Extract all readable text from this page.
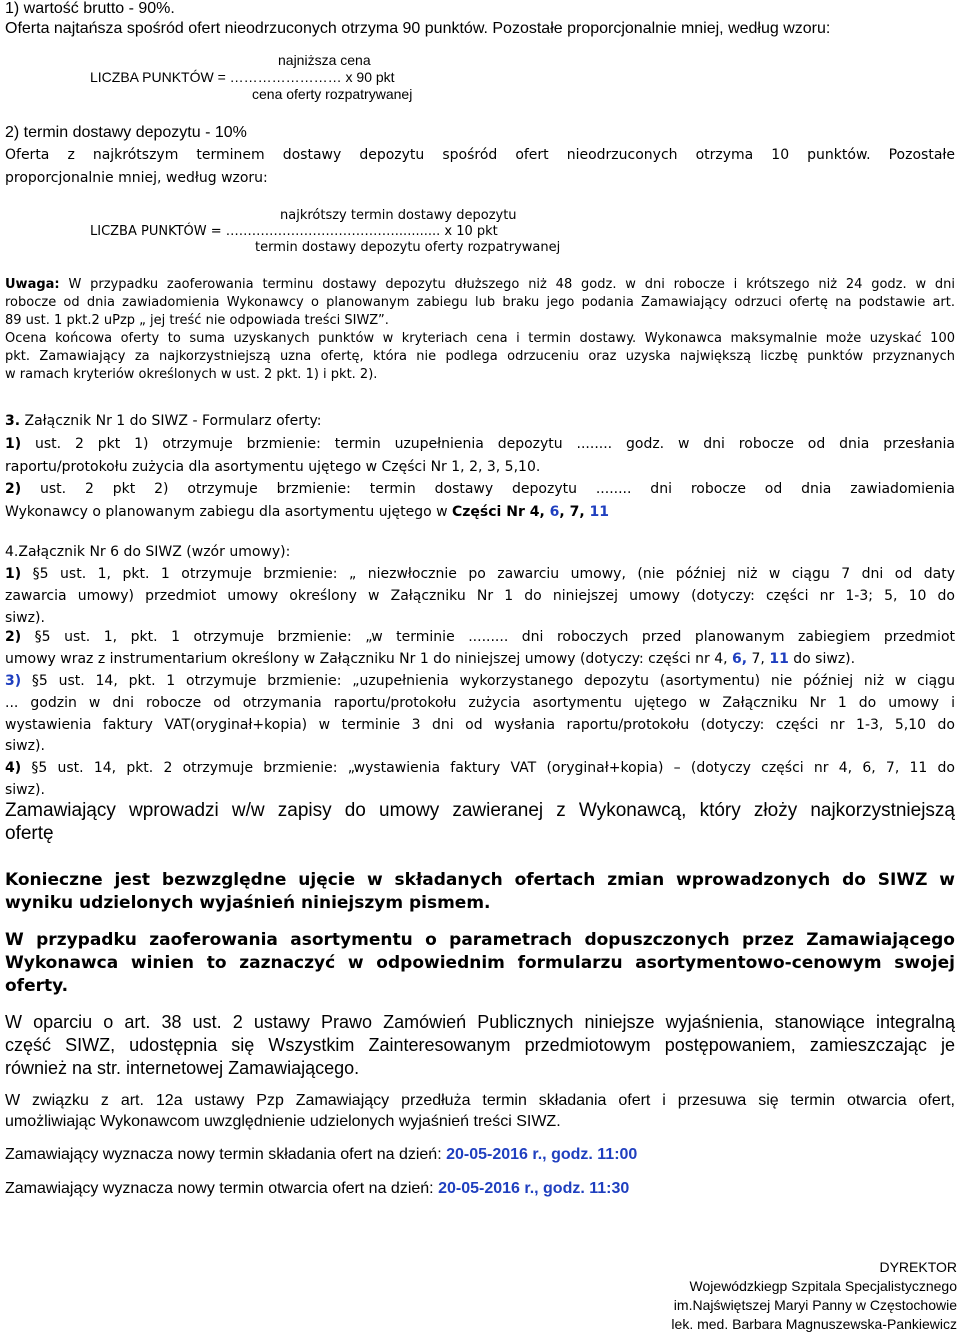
1) wartość brutto - 90%.
Oferta najtańsza spośród ofert nieodrzuconych otrzyma 90 punktów. Pozostałe proporcjonalnie mniej, według wzoru:
najniższa cena
LICZBA PUNKTÓW = …………………… x 90 pkt
cena oferty rozpatrywanej
2) termin dostawy depozytu - 10%
Oferta z najkrótszym terminem dostawy depozytu spośród ofert nieodrzuconych otrzyma 10 punktów. Pozostałe
proporcjonalnie mniej, według wzoru:
najkrótszy termin dostawy depozytu
LICZBA PUNKTÓW = …………………………………........... x 10 pkt
termin dostawy depozytu oferty rozpatrywanej
Uwaga: W przypadku zaoferowania terminu dostawy depozytu dłuższego niż 48 godz. w dni robocze i krótszego niż 24 godz. w dni
robocze od dnia zawiadomienia Wykonawcy o planowanym zabiegu lub braku jego podania Zamawiający odrzuci ofertę na podstawie art.
89 ust. 1 pkt.2 uPzp „ jej treść nie odpowiada treści SIWZ”.
Ocena końcowa oferty to suma uzyskanych punktów w kryteriach cena i termin dostawy. Wykonawca maksymalnie może uzyskać 100
pkt. Zamawiający za najkorzystniejszą uzna ofertę, która nie podlega odrzuceniu oraz uzyska największą liczbę punktów przyznanych
w ramach kryteriów określonych w ust. 2 pkt. 1) i pkt. 2).
3. Załącznik Nr 1 do SIWZ - Formularz oferty:
1) ust. 2 pkt 1) otrzymuje brzmienie: termin uzupełnienia depozytu ........ godz. w dni robocze od dnia przesłania
raportu/protokołu zużycia dla asortymentu ujętego w Części Nr 1, 2, 3, 5,10.
2) ust. 2 pkt 2) otrzymuje brzmienie: termin dostawy depozytu ........ dni robocze od dnia zawiadomienia
Wykonawcy o planowanym zabiegu dla asortymentu ujętego w Części Nr 4, 6, 7, 11
4.Załącznik Nr 6 do SIWZ (wzór umowy):
1) §5 ust. 1, pkt. 1 otrzymuje brzmienie: „ niezwłocznie po zawarciu umowy, (nie później niż w ciągu 7 dni od daty
zawarcia umowy) przedmiot umowy określony w Załączniku Nr 1 do niniejszej umowy (dotyczy: części nr 1-3; 5, 10 do
siwz).
2) §5 ust. 1, pkt. 1 otrzymuje brzmienie: „w terminie ......... dni roboczych przed planowanym zabiegiem przedmiot
umowy wraz z instrumentarium określony w Załączniku Nr 1 do niniejszej umowy (dotyczy: części nr 4, 6, 7, 11 do siwz).
3) §5 ust. 14, pkt. 1 otrzymuje brzmienie: „uzupełnienia wykorzystanego depozytu (asortymentu) nie później niż w ciągu
... godzin w dni robocze od otrzymania raportu/protokołu zużycia asortymentu ujętego w Załączniku Nr 1 do umowy i
wystawienia faktury VAT(oryginał+kopia) w terminie 3 dni od wysłania raportu/protokołu (dotyczy: części nr 1-3, 5,10 do
siwz).
4) §5 ust. 14, pkt. 2 otrzymuje brzmienie: „wystawienia faktury VAT (oryginał+kopia) – (dotyczy części nr 4, 6, 7, 11 do
siwz).
Zamawiający wprowadzi w/w zapisy do umowy zawieranej z Wykonawcą, który złoży najkorzystniejszą
ofertę
Konieczne jest bezwzględne ujęcie w składanych ofertach zmian wprowadzonych do SIWZ w
wyniku udzielonych wyjaśnień niniejszym pismem.
W przypadku zaoferowania asortymentu o parametrach dopuszczonych przez Zamawiającego
Wykonawca winien to zaznaczyć w odpowiednim formularzu asortymentowo-cenowym swojej
oferty.
W oparciu o art. 38 ust. 2 ustawy Prawo Zamówień Publicznych niniejsze wyjaśnienia, stanowiące integralną
część SIWZ, udostępnia się Wszystkim Zainteresowanym przedmiotowym postępowaniem, zamieszczając je
również na str. internetowej Zamawiającego.
W związku z art. 12a ustawy Pzp Zamawiający przedłuża termin składania ofert i przesuwa się termin otwarcia ofert,
umożliwiając Wykonawcom uwzględnienie udzielonych wyjaśnień treści SIWZ.
Zamawiający wyznacza nowy termin składania ofert na dzień: 20-05-2016 r., godz. 11:00
Zamawiający wyznacza nowy termin otwarcia ofert na dzień: 20-05-2016 r., godz. 11:30
DYREKTOR
Wojewódzkiegp Szpitala Specjalistycznego
im.Najświętszej Maryi Panny w Częstochowie
lek. med. Barbara Magnuszewska-Pankiewicz
